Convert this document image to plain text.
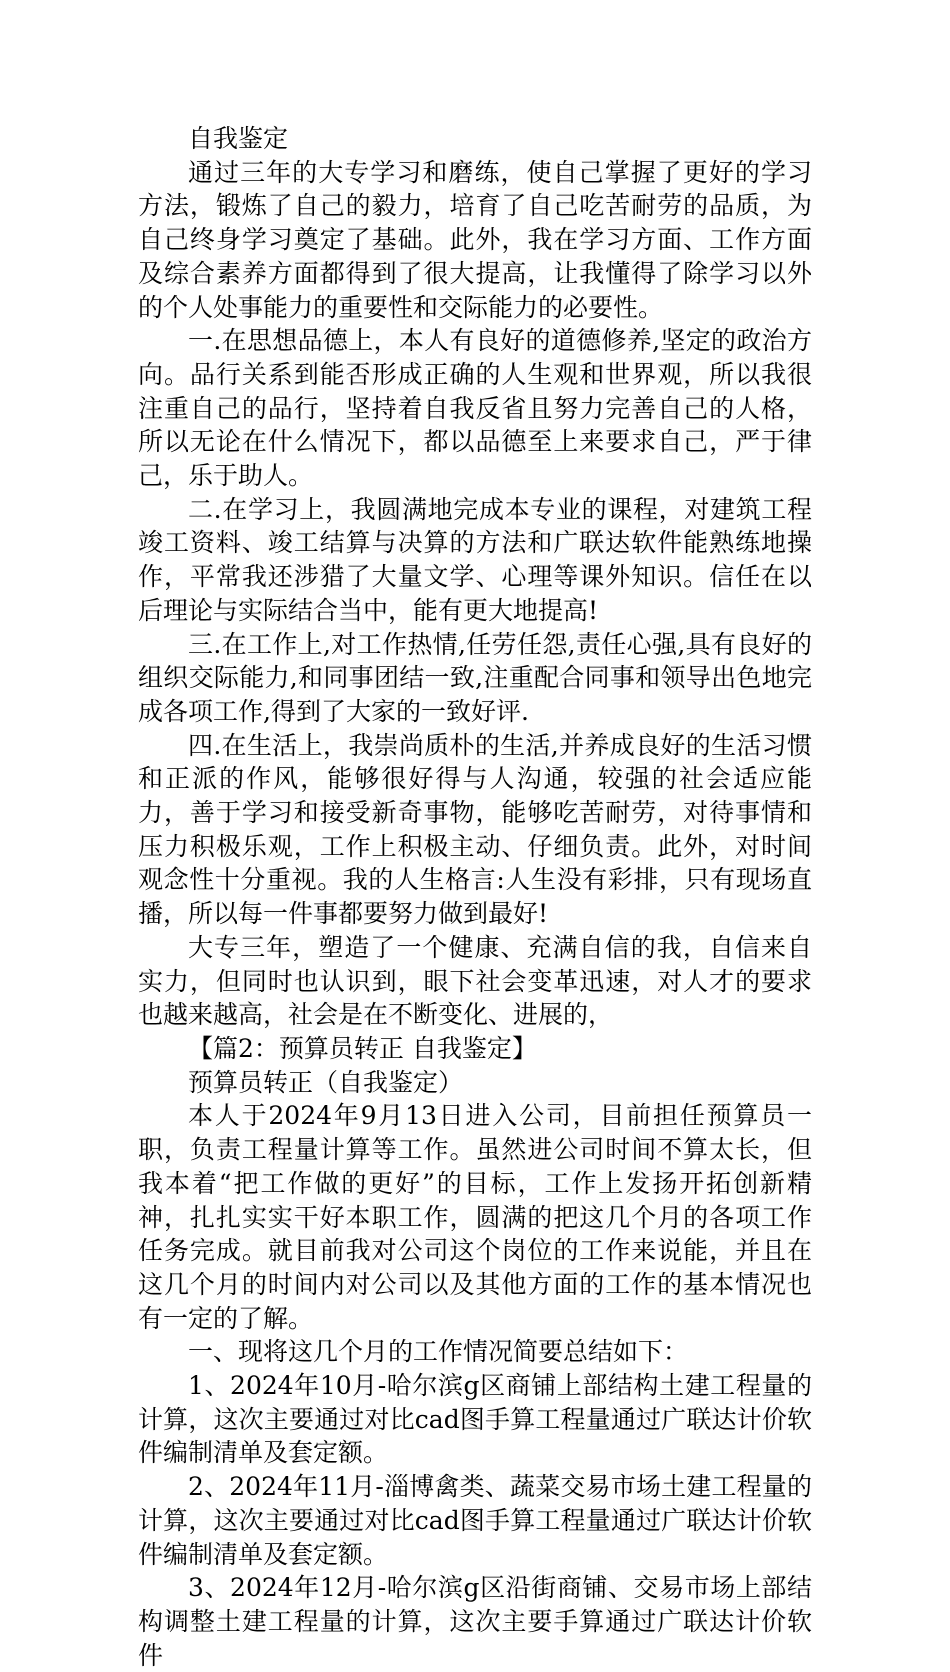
自我鉴定

通过三年的大专学习和磨练，使自己掌握了更好的学习方法，锻炼了自己的毅力，培育了自己吃苦耐劳的品质，为自己终身学习奠定了基础。此外，我在学习方面、工作方面及综合素养方面都得到了很大提高，让我懂得了除学习以外的个人处事能力的重要性和交际能力的必要性。

一.在思想品德上，本人有良好的道德修养,坚定的政治方向。品行关系到能否形成正确的人生观和世界观，所以我很注重自己的品行，坚持着自我反省且努力完善自己的人格，所以无论在什么情况下，都以品德至上来要求自己，严于律己，乐于助人。

二.在学习上，我圆满地完成本专业的课程，对建筑工程竣工资料、竣工结算与决算的方法和广联达软件能熟练地操作，平常我还涉猎了大量文学、心理等课外知识。信任在以后理论与实际结合当中，能有更大地提高!

三.在工作上,对工作热情,任劳任怨,责任心强,具有良好的组织交际能力,和同事团结一致,注重配合同事和领导出色地完成各项工作,得到了大家的一致好评.

四.在生活上，我崇尚质朴的生活,并养成良好的生活习惯和正派的作风，能够很好得与人沟通，较强的社会适应能力，善于学习和接受新奇事物，能够吃苦耐劳，对待事情和压力积极乐观，工作上积极主动、仔细负责。此外，对时间观念性十分重视。我的人生格言:人生没有彩排，只有现场直播，所以每一件事都要努力做到最好!

大专三年，塑造了一个健康、充满自信的我，自信来自实力，但同时也认识到，眼下社会变革迅速，对人才的要求也越来越高，社会是在不断变化、进展的，

【篇2：预算员转正 自我鉴定】

预算员转正（自我鉴定）

本人于2024年9月13日进入公司，目前担任预算员一职，负责工程量计算等工作。虽然进公司时间不算太长，但我本着“把工作做的更好”的目标，工作上发扬开拓创新精神，扎扎实实干好本职工作，圆满的把这几个月的各项工作任务完成。就目前我对公司这个岗位的工作来说能，并且在这几个月的时间内对公司以及其他方面的工作的基本情况也有一定的了解。

一、现将这几个月的工作情况简要总结如下：

1、2024年10月-哈尔滨g区商铺上部结构土建工程量的计算，这次主要通过对比cad图手算工程量通过广联达计价软件编制清单及套定额。

2、2024年11月-淄博禽类、蔬菜交易市场土建工程量的计算，这次主要通过对比cad图手算工程量通过广联达计价软件编制清单及套定额。

3、2024年12月-哈尔滨g区沿街商铺、交易市场上部结构调整土建工程量的计算，这次主要手算通过广联达计价软件
